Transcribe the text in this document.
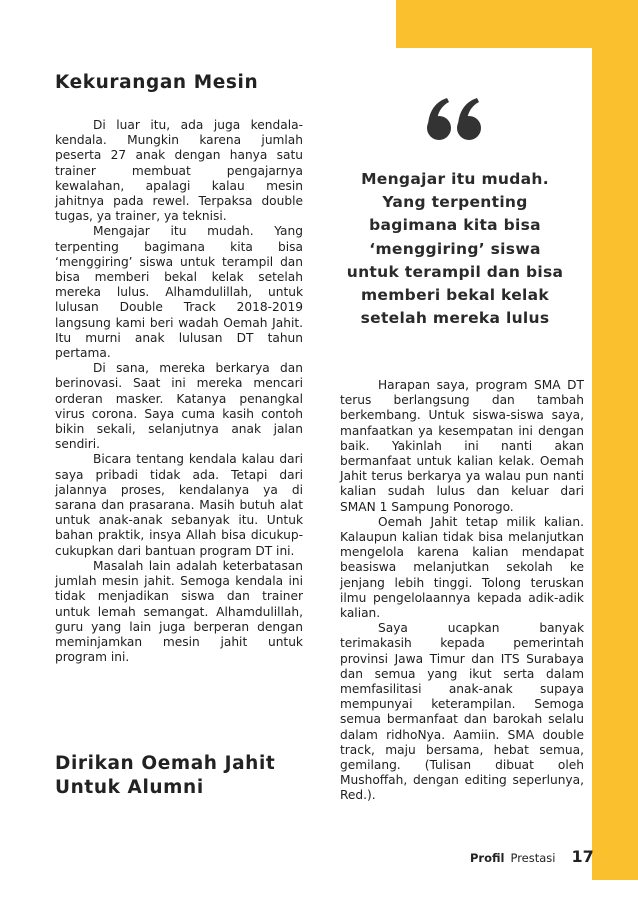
Kekurangan Mesin

Di luar itu, ada juga kendala-kendala. Mungkin karena jumlah peserta 27 anak dengan hanya satu trainer membuat pengajarnya kewalahan, apalagi kalau mesin jahitnya pada rewel. Terpaksa double tugas, ya trainer, ya teknisi.

Mengajar itu mudah. Yang terpenting bagimana kita bisa ‘menggiring’ siswa untuk terampil dan bisa memberi bekal kelak setelah mereka lulus. Alhamdulillah, untuk lulusan Double Track 2018-2019 langsung kami beri wadah Oemah Jahit. Itu murni anak lulusan DT tahun pertama.

Di sana, mereka berkarya dan berinovasi. Saat ini mereka mencari orderan masker. Katanya penangkal virus corona. Saya cuma kasih contoh bikin sekali, selanjutnya anak jalan sendiri.

Bicara tentang kendala kalau dari saya pribadi tidak ada. Tetapi dari jalannya proses, kendalanya ya di sarana dan prasarana. Masih butuh alat untuk anak-anak sebanyak itu. Untuk bahan praktik, insya Allah bisa dicukup-cukupkan dari bantuan program DT ini.

Masalah lain adalah keterbatasan jumlah mesin jahit. Semoga kendala ini tidak menjadikan siswa dan trainer untuk lemah semangat. Alhamdulillah, guru yang lain juga berperan dengan meminjamkan mesin jahit untuk program ini.

Dirikan Oemah Jahit Untuk Alumni
Mengajar itu mudah. Yang terpenting bagimana kita bisa ‘menggiring’ siswa untuk terampil dan bisa memberi bekal kelak setelah mereka lulus

Harapan saya, program SMA DT terus berlangsung dan tambah berkembang. Untuk siswa-siswa saya, manfaatkan ya kesempatan ini dengan baik. Yakinlah ini nanti akan bermanfaat untuk kalian kelak. Oemah Jahit terus berkarya ya walau pun nanti kalian sudah lulus dan keluar dari SMAN 1 Sampung Ponorogo.

Oemah Jahit tetap milik kalian. Kalaupun kalian tidak bisa melanjutkan mengelola karena kalian mendapat beasiswa melanjutkan sekolah ke jenjang lebih tinggi. Tolong teruskan ilmu pengelolaannya kepada adik-adik kalian.

Saya ucapkan banyak terimakasih kepada pemerintah provinsi Jawa Timur dan ITS Surabaya dan semua yang ikut serta dalam memfasilitasi anak-anak supaya mempunyai keterampilan. Semoga semua bermanfaat dan barokah selalu dalam ridhoNya. Aamiin. SMA double track, maju bersama, hebat semua, gemilang. (Tulisan dibuat oleh Mushoffah, dengan editing seperlunya, Red.).

Profil Prestasi 17
